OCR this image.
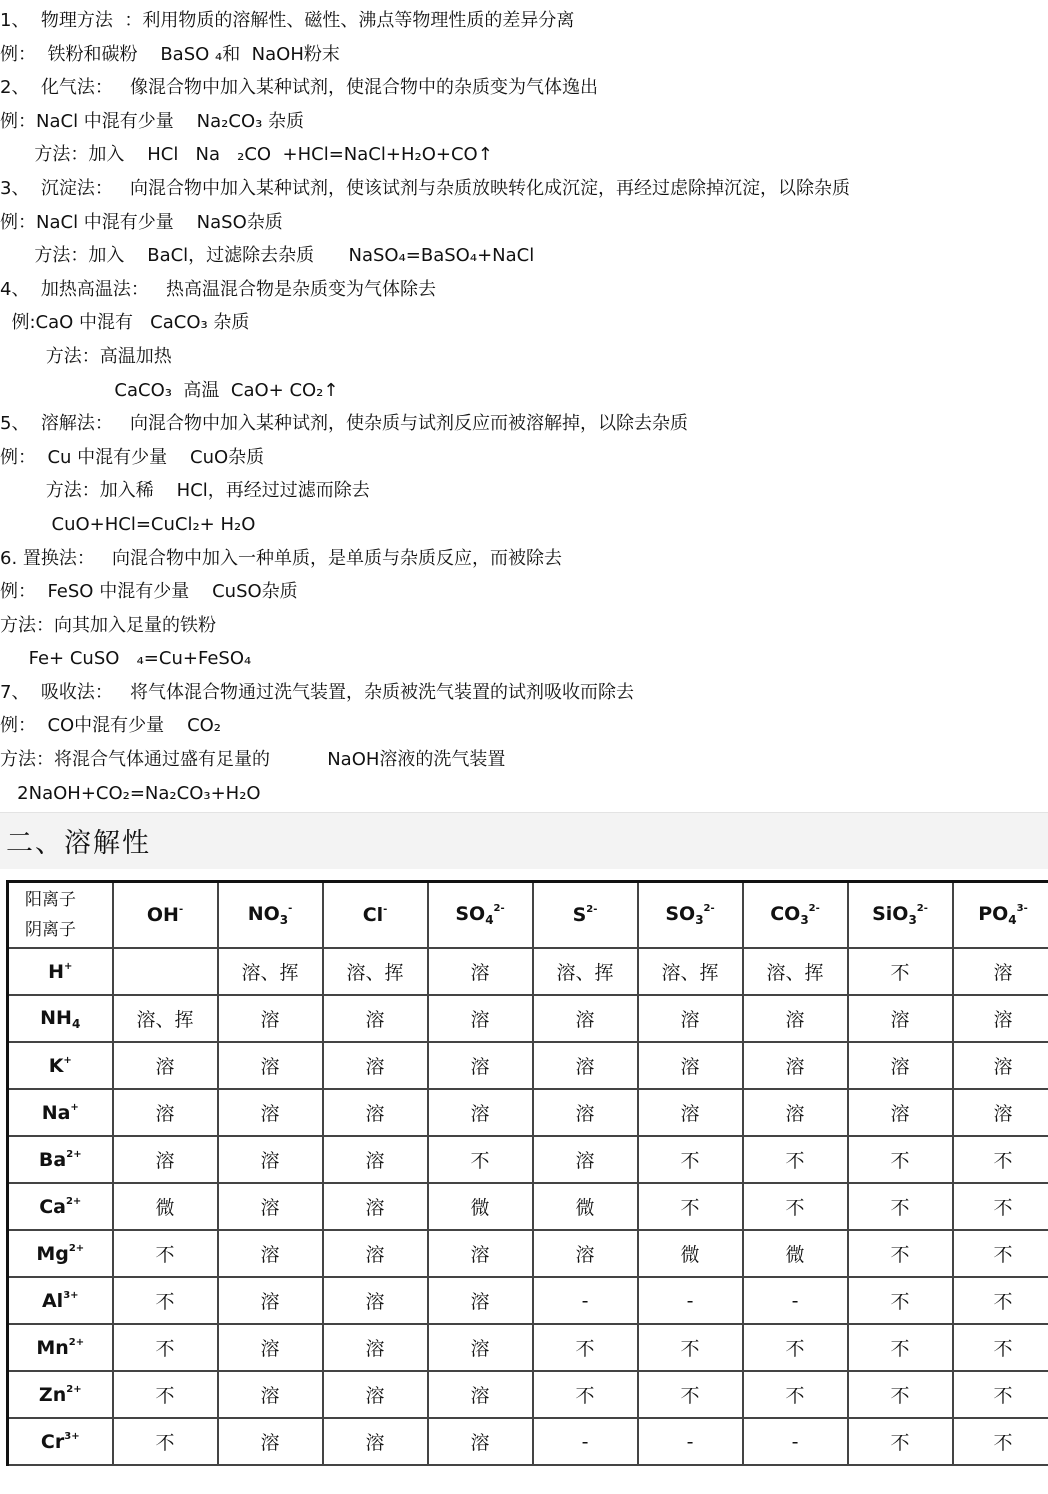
1、  物理方法  ：利用物质的溶解性、磁性、沸点等物理性质的差异分离
例：  铁粉和碳粉    BaSO ₄和  NaOH粉末
2、  化气法：   像混合物中加入某种试剂，使混合物中的杂质变为气体逸出
例：NaCl 中混有少量    Na₂CO₃ 杂质
方法：加入    HCl   Na   ₂CO  +HCl=NaCl+H₂O+CO↑
3、  沉淀法：   向混合物中加入某种试剂，使该试剂与杂质放映转化成沉淀，再经过虑除掉沉淀，以除杂质
例：NaCl 中混有少量    NaSO杂质
方法：加入    BaCl，过滤除去杂质      NaSO₄=BaSO₄+NaCl
4、  加热高温法：   热高温混合物是杂质变为气体除去
例:CaO 中混有   CaCO₃ 杂质
方法：高温加热
CaCO₃  高温  CaO+ CO₂↑
5、  溶解法：   向混合物中加入某种试剂，使杂质与试剂反应而被溶解掉，以除去杂质
例：  Cu 中混有少量    CuO杂质
方法：加入稀    HCl，再经过过滤而除去
CuO+HCl=CuCl₂+ H₂O
6. 置换法：   向混合物中加入一种单质，是单质与杂质反应，而被除去
例：  FeSO 中混有少量    CuSO杂质
方法：向其加入足量的铁粉
Fe+ CuSO   ₄=Cu+FeSO₄
7、  吸收法：   将气体混合物通过洗气装置，杂质被洗气装置的试剂吸收而除去
例：  CO中混有少量    CO₂
方法：将混合气体通过盛有足量的          NaOH溶液的洗气装置
2NaOH+CO₂=Na₂CO₃+H₂O
二、溶解性
阳离子
阴离子	OH-	$NO_3^-$	Cl-	$SO_4^{2-}$	$S^{2-}$	$SO_3^{2-}$	$CO_3^{2-}$	SiO$_3^{2-}$	$PO_4^{3-}$
H+		溶、挥	溶、挥	溶	溶、挥	溶、挥	溶、挥	不	溶
$NH_4$	溶、挥	溶	溶	溶	溶	溶	溶	溶	溶
K+	溶	溶	溶	溶	溶	溶	溶	溶	溶
Na+	溶	溶	溶	溶	溶	溶	溶	溶	溶
$Ba^{2+}$	溶	溶	溶	不	溶	不	不	不	不
$Ca^{2+}$	微	溶	溶	微	微	不	不	不	不
$Mg^{2+}$	不	溶	溶	溶	溶	微	微	不	不
$Al^{3+}$	不	溶	溶	溶	-	-	-	不	不
$Mn^{2+}$	不	溶	溶	溶	不	不	不	不	不
$Zn^{2+}$	不	溶	溶	溶	不	不	不	不	不
$Cr^{3+}$	不	溶	溶	溶	-	-	-	不	不
